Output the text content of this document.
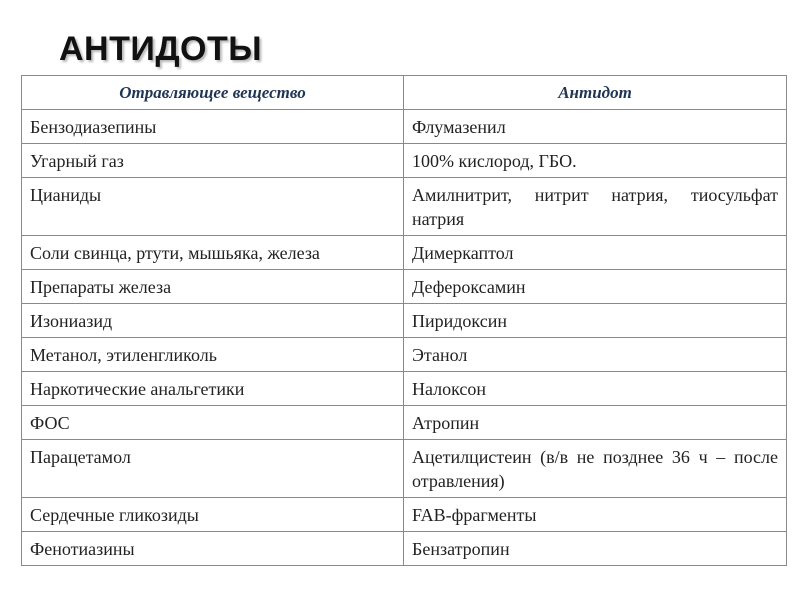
АНТИДОТЫ
Отравляющее вещество	Антидот
Бензодиазепины	Флумазенил
Угарный газ	100% кислород, ГБО.
Цианиды	Амилнитрит, нитрит натрия, тиосульфат натрия
Соли свинца, ртути, мышьяка, железа	Димеркаптол
Препараты железа	Дефероксамин
Изониазид	Пиридоксин
Метанол, этиленгликоль	Этанол
Наркотические анальгетики	Налоксон
ФОС	Атропин
Парацетамол	Ацетилцистеин (в/в не позднее 36 ч – после отравления)
Сердечные гликозиды	FAB-фрагменты
Фенотиазины	Бензатропин
